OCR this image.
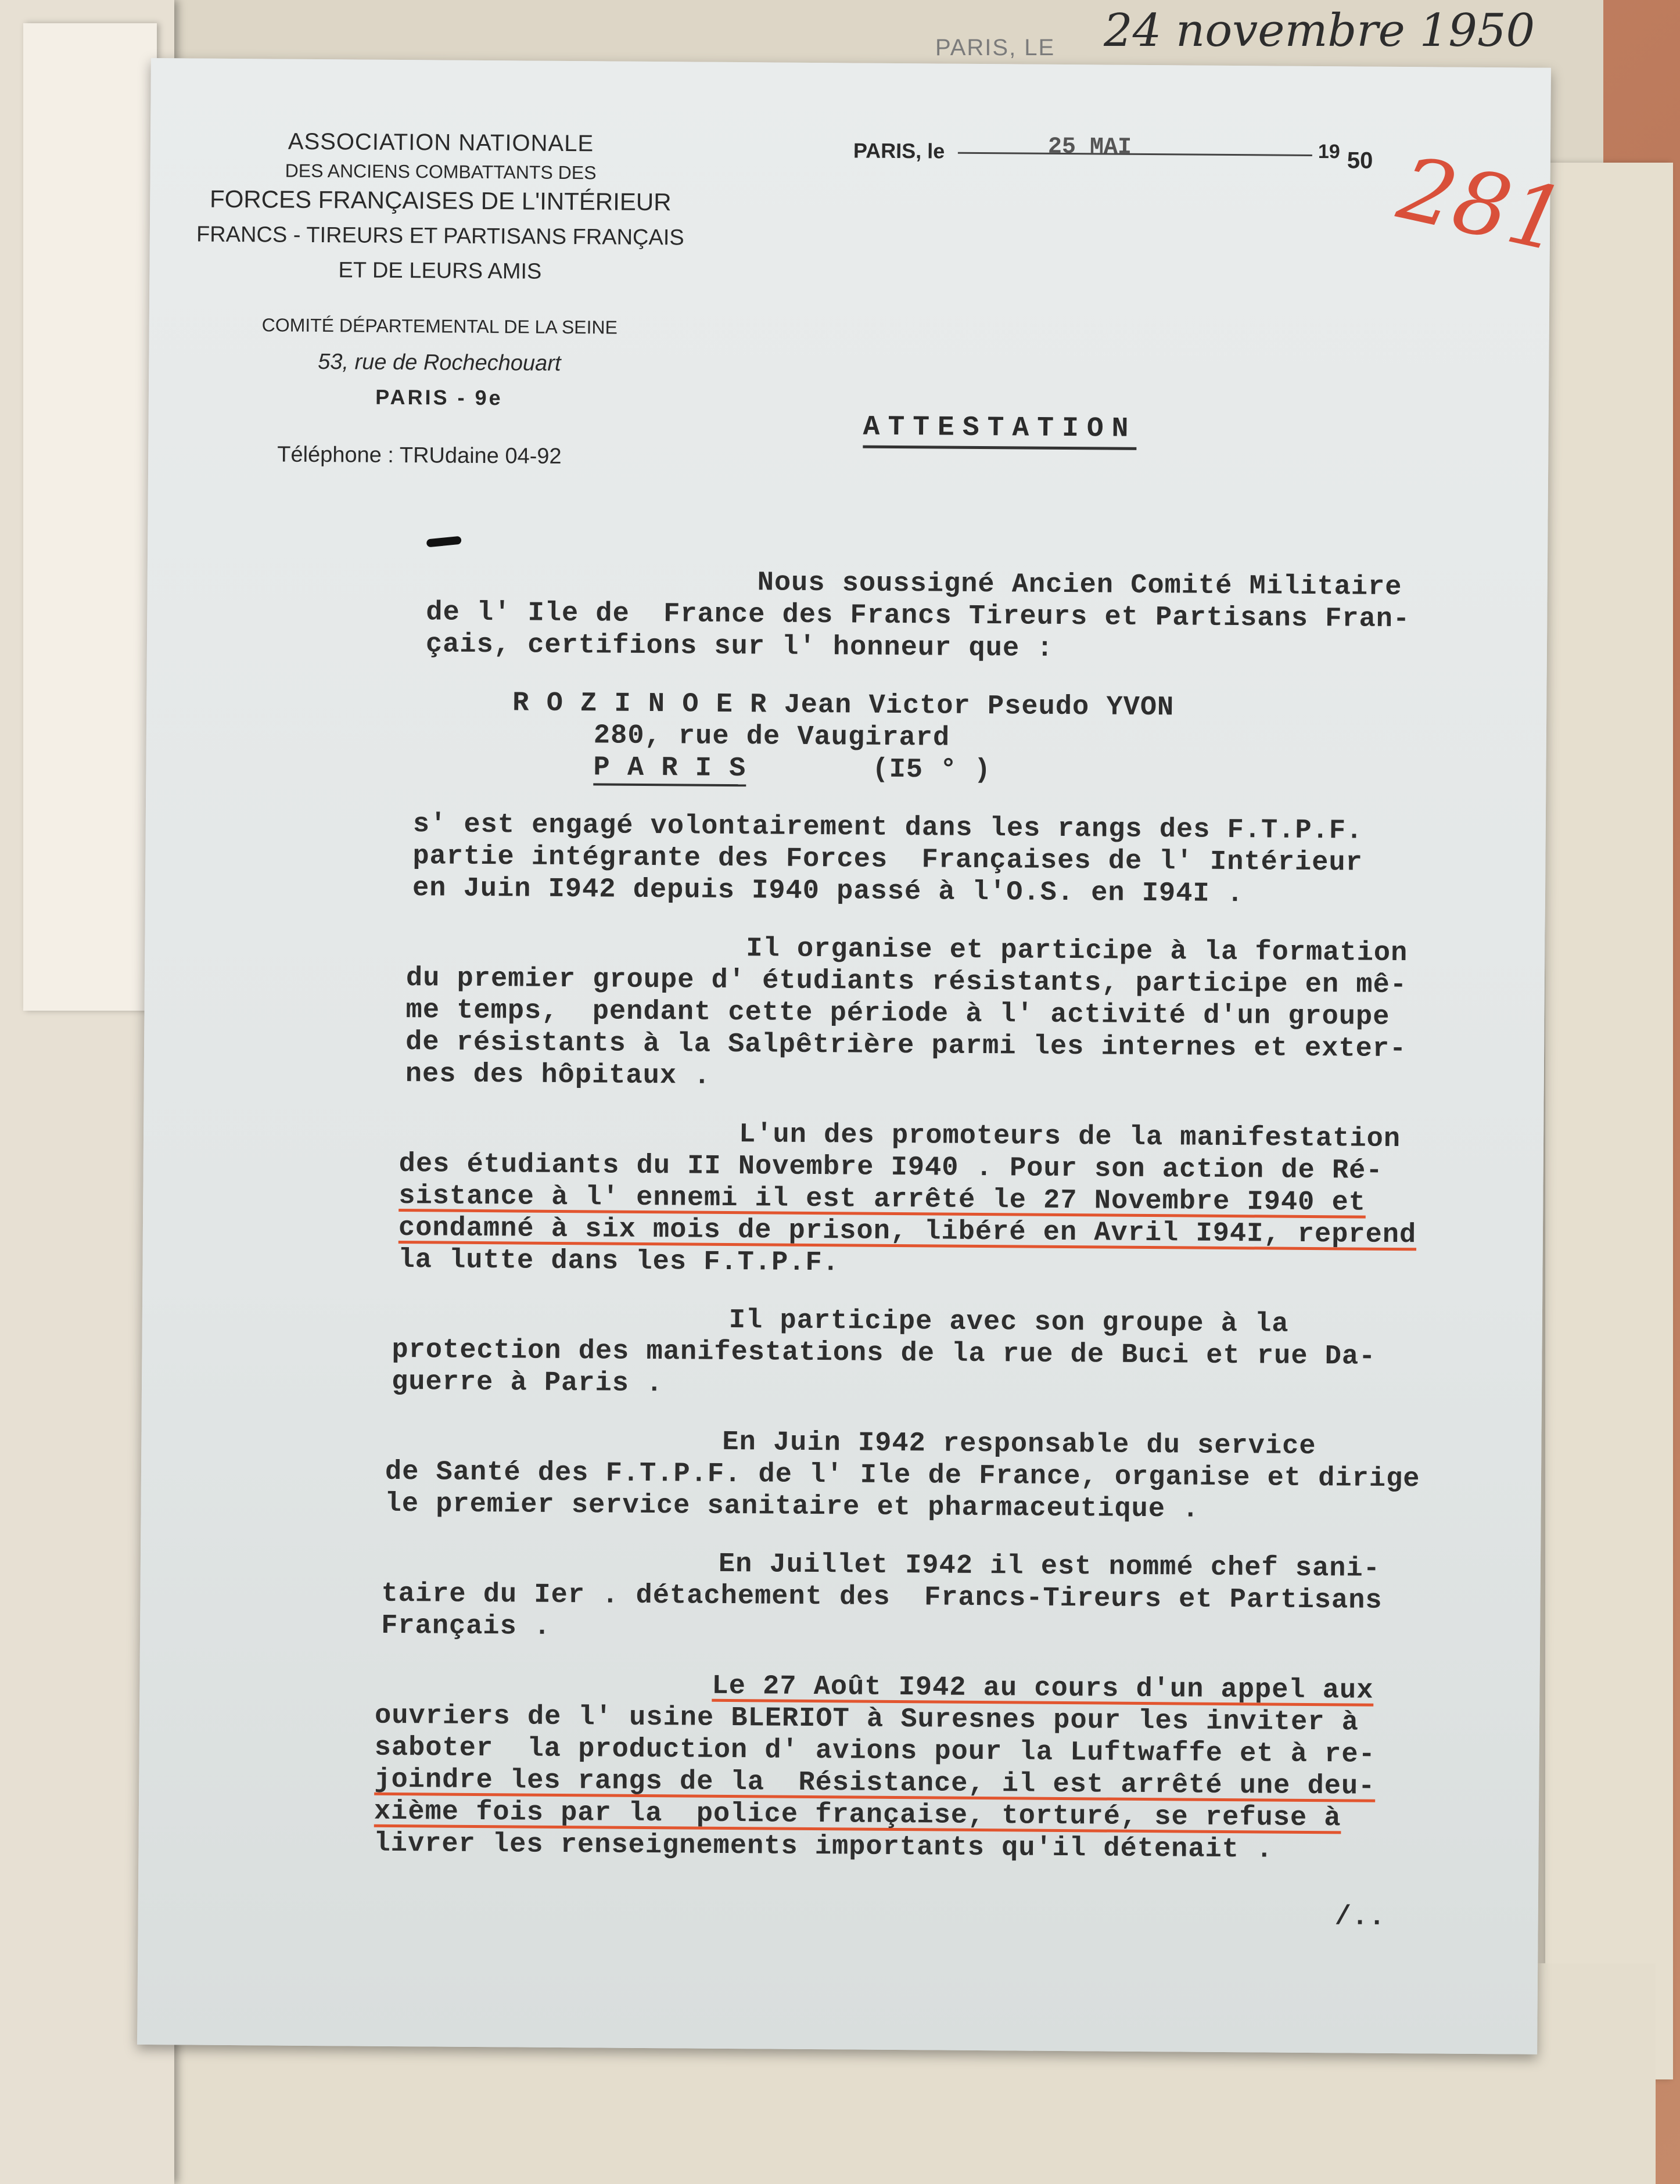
PARIS, LE 24 novembre 1950
ASSOCIATION NATIONALE
DES ANCIENS COMBATTANTS DES
FORCES FRANÇAISES DE L'INTÉRIEUR
FRANCS - TIREURS ET PARTISANS FRANÇAIS
ET DE LEURS AMIS
COMITÉ DÉPARTEMENTAL DE LA SEINE
53, rue de Rochechouart
PARIS - 9e
Téléphone : TRUdaine 04-92
PARIS, le	25 MAI	19 50 281
ATTESTATION
Nous soussigné Ancien Comité Militaire
de l' Ile de  France des Francs Tireurs et Partisans Fran-
çais, certifions sur l' honneur que :
R O Z I N O E R Jean Victor Pseudo YVON
280, rue de Vaugirard
P A R I S	(I5 ° )
s' est engagé volontairement dans les rangs des F.T.P.F.
partie intégrante des Forces  Françaises de l' Intérieur
en Juin I942 depuis I940 passé à l'O.S. en I94I .
Il organise et participe à la formation
du premier groupe d' étudiants résistants, participe en mê-
me temps,  pendant cette période à l' activité d'un groupe
de résistants à la Salpêtrière parmi les internes et exter-
nes des hôpitaux .
L'un des promoteurs de la manifestation
des étudiants du II Novembre I940 . Pour son action de Ré-
sistance à l' ennemi il est arrêté le 27 Novembre I940 et
condamné à six mois de prison, libéré en Avril I94I, reprend
la lutte dans les F.T.P.F.
Il participe avec son groupe à la
protection des manifestations de la rue de Buci et rue Da-
guerre à Paris .
En Juin I942 responsable du service
de Santé des F.T.P.F. de l' Ile de France, organise et dirige
le premier service sanitaire et pharmaceutique .
En Juillet I942 il est nommé chef sani-
taire du Ier . détachement des  Francs-Tireurs et Partisans
Français .
Le 27 Août I942 au cours d'un appel aux
ouvriers de l' usine BLERIOT à Suresnes pour les inviter à
saboter  la production d' avions pour la Luftwaffe et à re-
joindre les rangs de la  Résistance, il est arrêté une deu-
xième fois par la  police française, torturé, se refuse à
livrer les renseignements importants qu'il détenait .
/..
